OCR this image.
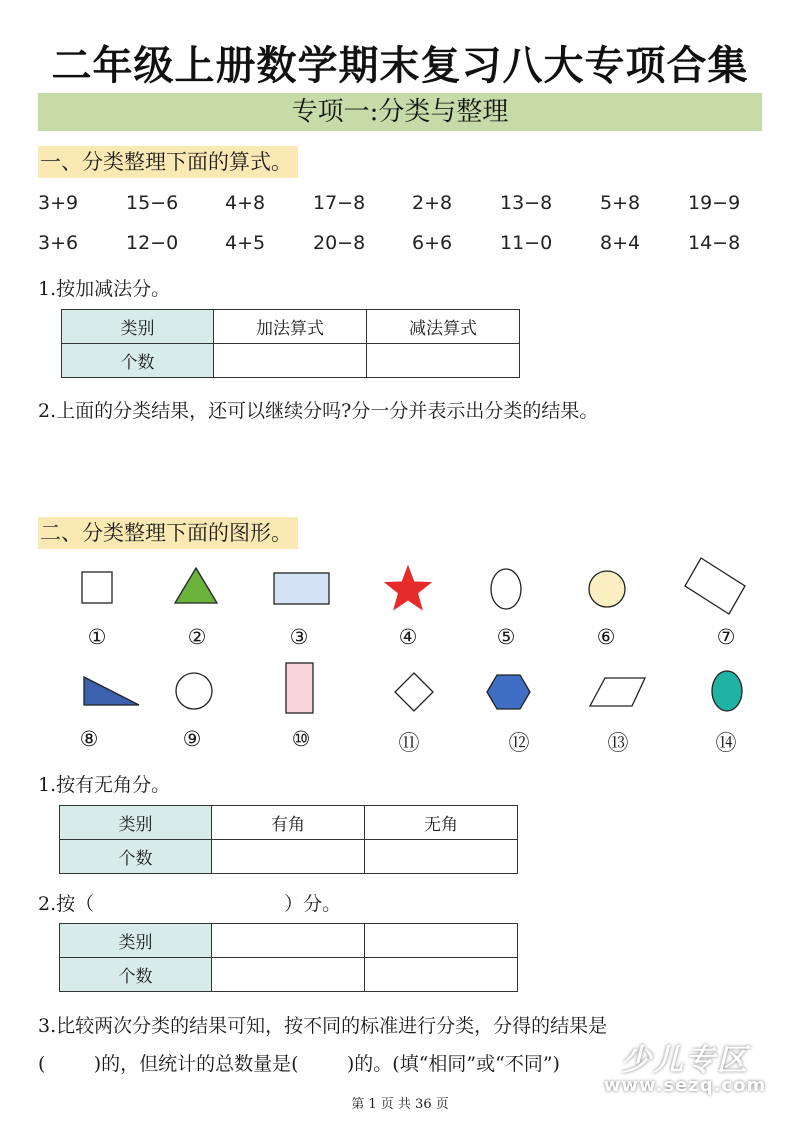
二年级上册数学期末复习八大专项合集
专项一:分类与整理
一、分类整理下面的算式。
3+9	15−6 4+8	17−8 2+8	13−8	5+8	19−9
3+6	12−0 4+5	20−8 6+6	11−0	8+4	14−8
1.按加减法分。
类别	加法算式	减法算式
个数		
2.上面的分类结果，还可以继续分吗?分一分并表示出分类的结果。
二、分类整理下面的图形。
①	②	③	④	⑤	⑥	⑦
⑧	⑨	⑩	⑪	⑫	⑬	⑭
1.按有无角分。
类别	有角	无角
个数		
2.按（	）分。
类别		
个数		
3.比较两次分类的结果可知，按不同的标准进行分类，分得的结果是
(        )的，但统计的总数量是(        )的。(填“相同”或“不同”)
第 1 页 共 36 页
少儿专区
www.sezq.com
